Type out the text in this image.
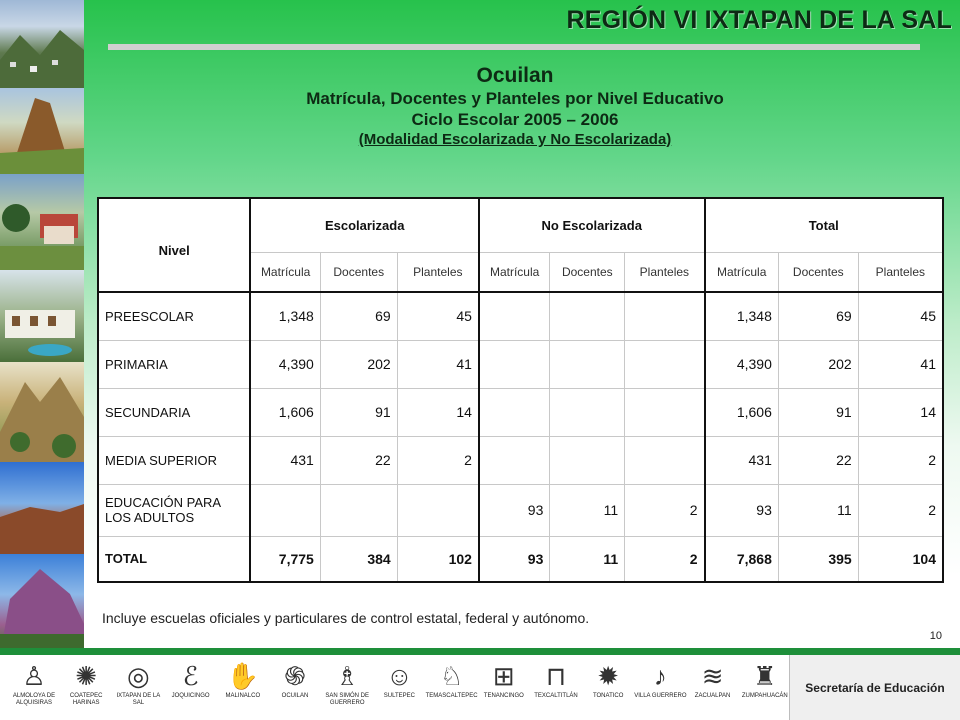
REGIÓN VI IXTAPAN DE LA SAL
Ocuilan
Matrícula, Docentes y Planteles por Nivel Educativo
Ciclo Escolar 2005 – 2006
(Modalidad Escolarizada y No Escolarizada)
Nivel	Escolarizada			No Escolarizada			Total		
	Matrícula	Docentes	Planteles	Matrícula	Docentes	Planteles	Matrícula	Docentes	Planteles
PREESCOLAR	1,348	69	45				1,348	69	45
PRIMARIA	4,390	202	41				4,390	202	41
SECUNDARIA	1,606	91	14				1,606	91	14
MEDIA SUPERIOR	431	22	2				431	22	2
EDUCACIÓN PARA LOS ADULTOS				93	11	2	93	11	2
TOTAL	7,775	384	102	93	11	2	7,868	395	104
Incluye escuelas oficiales y particulares de control estatal, federal y autónomo.
10
♙
ALMOLOYA DE ALQUISIRAS
✺
COATEPEC HARINAS
◎
IXTAPAN DE LA SAL
ℰ
JOQUICINGO
✋
MALINALCO
֍
OCUILAN
♗
SAN SIMÓN DE GUERRERO
☺
SULTEPEC
♘
TEMASCALTEPEC
⊞
TENANCINGO
⊓
TEXCALTITLÁN
✹
TONATICO
♪
VILLA GUERRERO
≋
ZACUALPAN
♜
ZUMPAHUACÁN
Secretaría de Educación
